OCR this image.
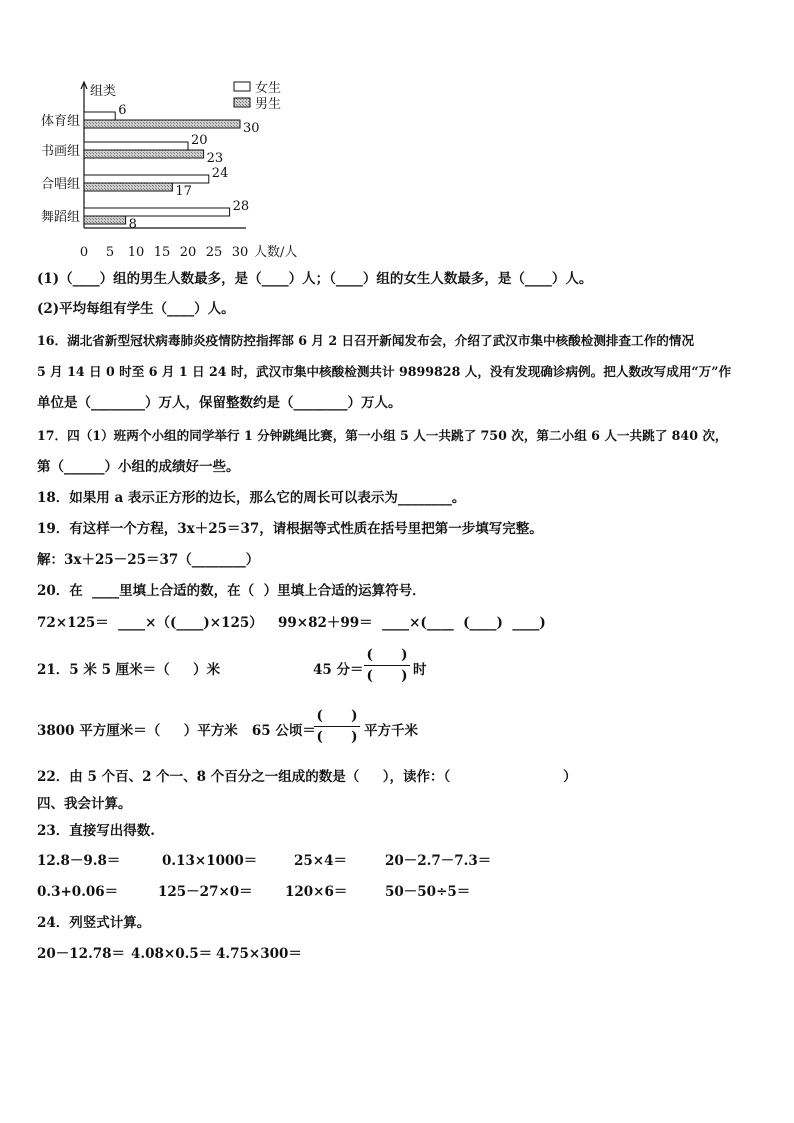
组类
0 5 10 15 20 25 30 人数/人
体育组
6
30
书画组
20
23
合唱组
24
17
舞蹈组
28
8
女生
男生
(1)（____）组的男生人数最多，是（____）人；（____）组的女生人数最多，是（____）人。
(2)平均每组有学生（____）人。
16．湖北省新型冠状病毒肺炎疫情防控指挥部 6 月 2 日召开新闻发布会，介绍了武汉市集中核酸检测排查工作的情况
5 月 14 日 0 时至 6 月 1 日 24 时，武汉市集中核酸检测共计 9899828 人，没有发现确诊病例。把人数改写成用“万”作
单位是（________）万人，保留整数约是（________）万人。
17．四（1）班两个小组的同学举行 1 分钟跳绳比赛，第一小组 5 人一共跳了 750 次，第二小组 6 人一共跳了 840 次，
第（______）小组的成绩好一些。
18．如果用 a 表示正方形的边长，那么它的周长可以表示为________。
19．有这样一个方程，3x＋25＝37，请根据等式性质在括号里把第一步填写完整。
解：3x＋25－25＝37（________）
20．在  ____里填上合适的数，在（  ）里填上合适的运算符号．
72×125＝  ____×（(____)×125） 99×82＋99＝  ____×(____  (____)  ____)
21．5 米 5 厘米＝（     ）米	45 分＝
(      )
(      ) 时
3800 平方厘米＝（     ）平方米   65 公顷＝
(      )
(      ) 平方千米
22．由 5 个百、2 个一、8 个百分之一组成的数是（     ），读作：（                        ）
四、我会计算。
23．直接写出得数.
12.8－9.8＝	0.13×1000＝	25×4＝	20－2.7－7.3＝
0.3+0.06＝	125－27×0＝ 120×6＝	50－50÷5＝
24．列竖式计算。
20－12.78＝ 4.08×0.5＝ 4.75×300＝
